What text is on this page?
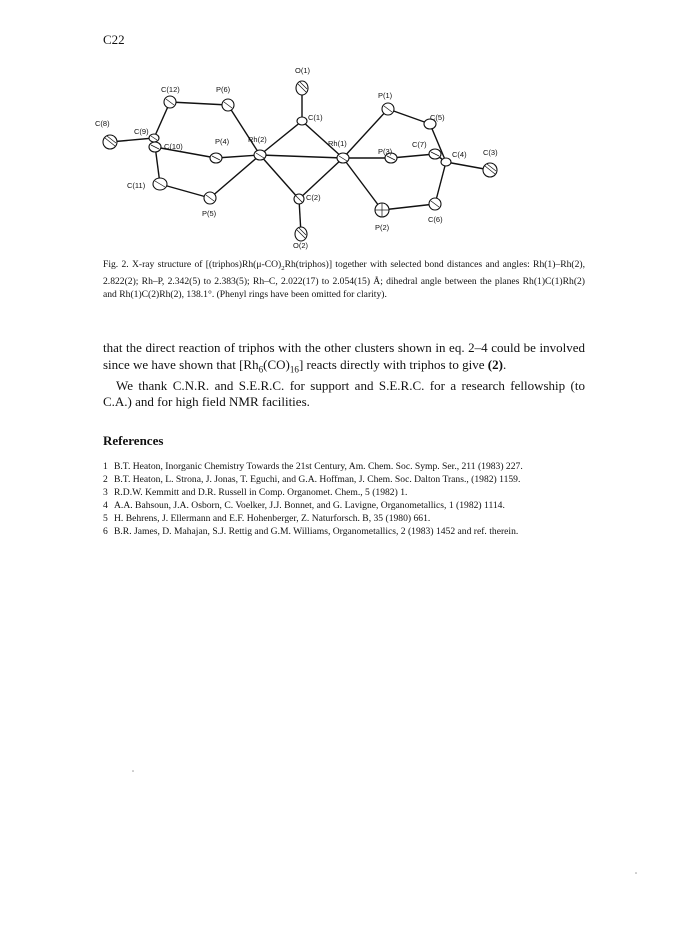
C22
O(1)
C(1)
Rh(2)	Rh(1)
C(2)
O(2)
P(6)
C(12)
C(8)
C(9)
C(10)
P(4)
C(11)
P(5)
P(1)
C(5)
C(7)
P(3)	C(4) C(3)
P(2)
C(6)
Fig. 2. X-ray structure of $[(triphos)Rh(\mu-CO)_2Rh(triphos)]$ together with selected bond distances and angles: Rh(1)–Rh(2), 2.822(2); Rh–P, 2.342(5) to 2.383(5); Rh–C, 2.022(17) to 2.054(15) Å; dihedral angle between the planes Rh(1)C(1)Rh(2) and Rh(1)C(2)Rh(2), 138.1°. (Phenyl rings have been omitted for clarity).

that the direct reaction of triphos with the other clusters shown in eq. 2–4 could be involved since we have shown that $[Rh_6(CO)_{16}]$ reacts directly with triphos to give (2).

We thank C.N.R. and S.E.R.C. for support and S.E.R.C. for a research fellowship (to C.A.) and for high field NMR facilities.

References
1 B.T. Heaton, Inorganic Chemistry Towards the 21st Century, Am. Chem. Soc. Symp. Ser., 211 (1983) 227.
2 B.T. Heaton, L. Strona, J. Jonas, T. Eguchi, and G.A. Hoffman, J. Chem. Soc. Dalton Trans., (1982) 1159.
3 R.D.W. Kemmitt and D.R. Russell in Comp. Organomet. Chem., 5 (1982) 1.
4 A.A. Bahsoun, J.A. Osborn, C. Voelker, J.J. Bonnet, and G. Lavigne, Organometallics, 1 (1982) 1114.
5 H. Behrens, J. Ellermann and E.F. Hohenberger, Z. Naturforsch. B, 35 (1980) 661.
6 B.R. James, D. Mahajan, S.J. Rettig and G.M. Williams, Organometallics, 2 (1983) 1452 and ref. therein.
